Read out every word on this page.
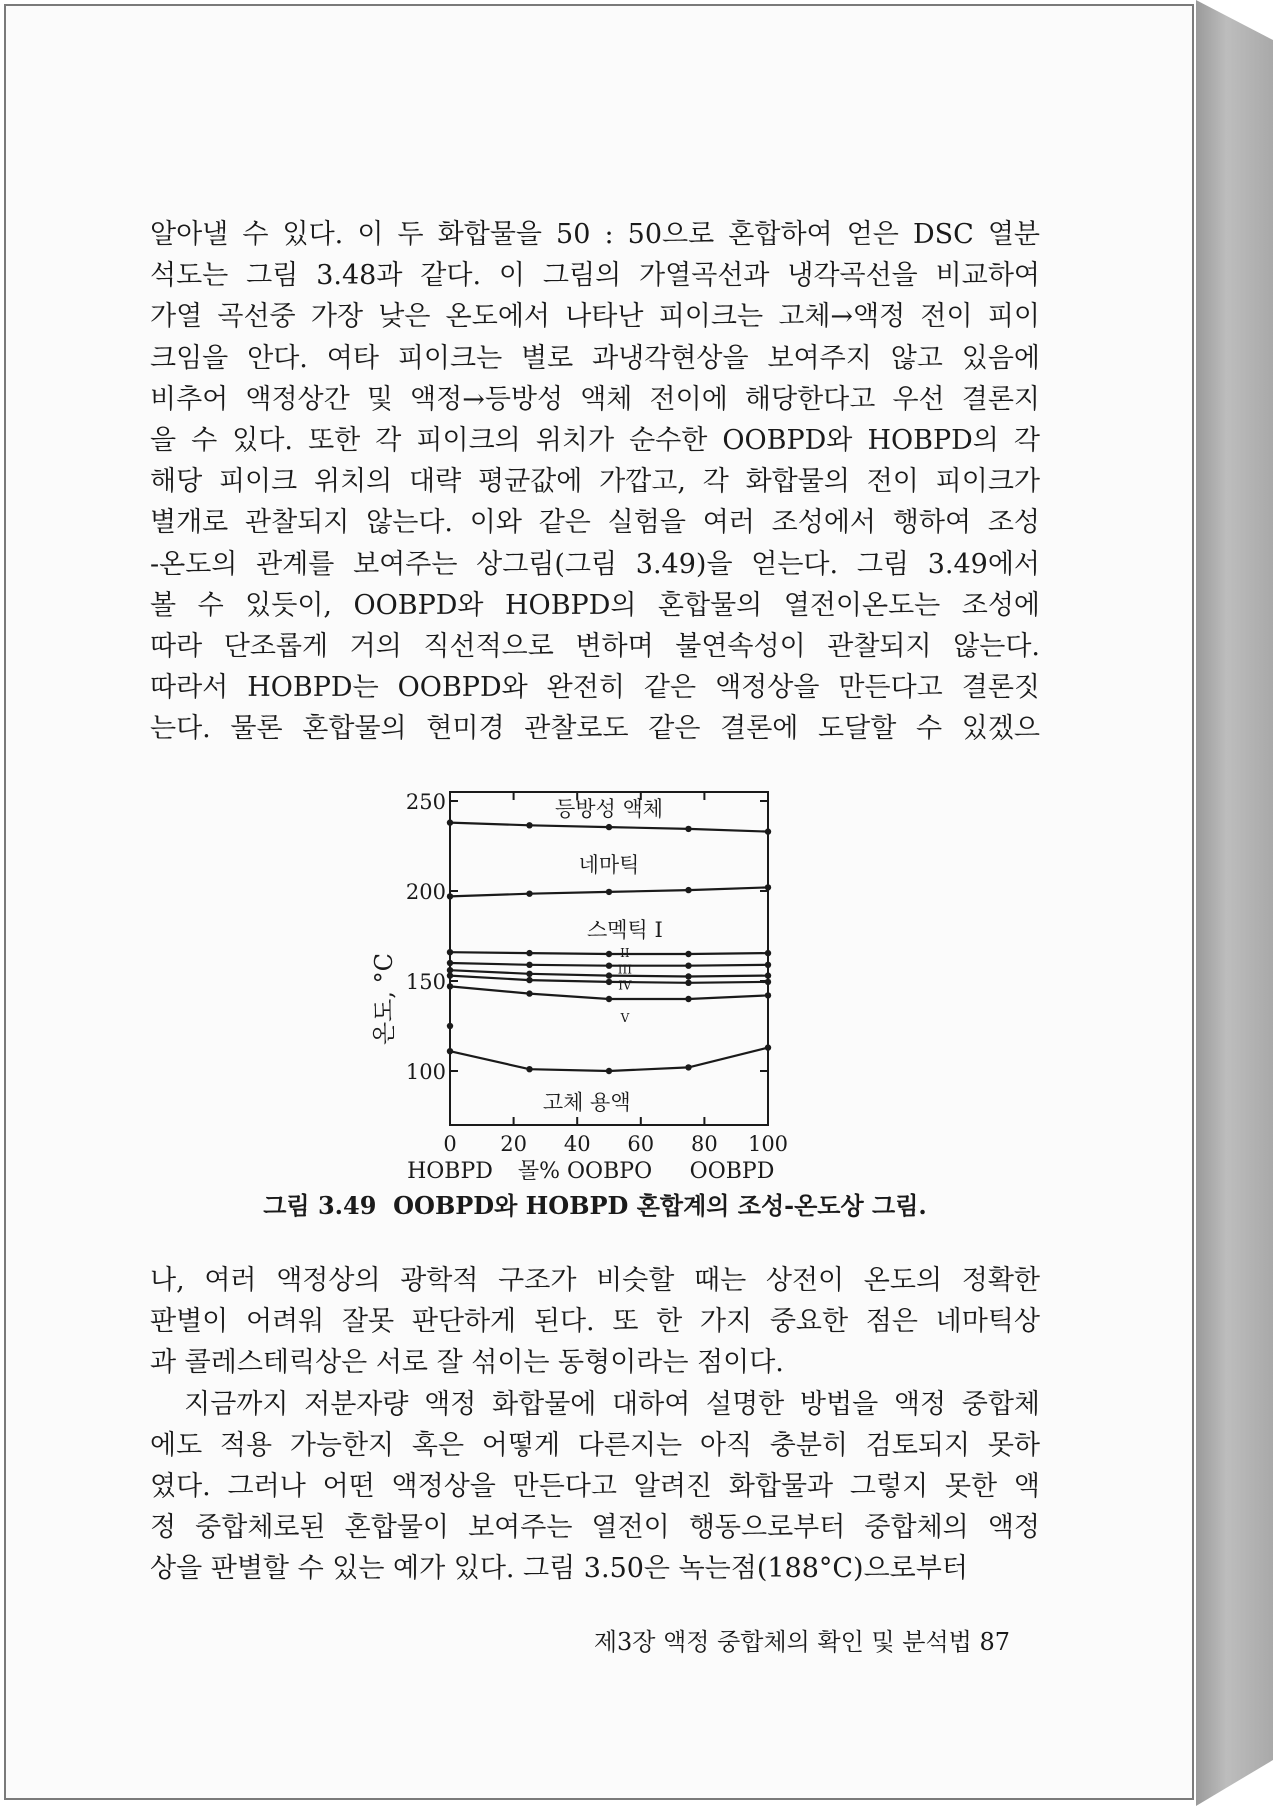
알아낼 수 있다. 이 두 화합물을 50 : 50으로 혼합하여 얻은 DSC 열분
석도는 그림 3.48과 같다. 이 그림의 가열곡선과 냉각곡선을 비교하여
가열 곡선중 가장 낮은 온도에서 나타난 피이크는 고체→액정 전이 피이
크임을 안다. 여타 피이크는 별로 과냉각현상을 보여주지 않고 있음에
비추어 액정상간 및 액정→등방성 액체 전이에 해당한다고 우선 결론지
을 수 있다. 또한 각 피이크의 위치가 순수한 OOBPD와 HOBPD의 각
해당 피이크 위치의 대략 평균값에 가깝고, 각 화합물의 전이 피이크가
별개로 관찰되지 않는다. 이와 같은 실험을 여러 조성에서 행하여 조성
-온도의 관계를 보여주는 상그림(그림 3.49)을 얻는다. 그림 3.49에서
볼 수 있듯이, OOBPD와 HOBPD의 혼합물의 열전이온도는 조성에
따라 단조롭게 거의 직선적으로 변하며 불연속성이 관찰되지 않는다.
따라서 HOBPD는 OOBPD와 완전히 같은 액정상을 만든다고 결론짓
는다. 물론 혼합물의 현미경 관찰로도 같은 결론에 도달할 수 있겠으
100
150
200
250
0 20 40 60 80 100
온도, °C
등방성 액체
네마틱
스멕틱 I
V
고체 용액
II
III
IV
HOBPD 몰% OOBPO OOBPD
그림 3.49 OOBPD와 HOBPD 혼합계의 조성-온도상 그림.
나, 여러 액정상의 광학적 구조가 비슷할 때는 상전이 온도의 정확한
판별이 어려워 잘못 판단하게 된다. 또 한 가지 중요한 점은 네마틱상
과 콜레스테릭상은 서로 잘 섞이는 동형이라는 점이다.
　지금까지 저분자량 액정 화합물에 대하여 설명한 방법을 액정 중합체
에도 적용 가능한지 혹은 어떻게 다른지는 아직 충분히 검토되지 못하
였다. 그러나 어떤 액정상을 만든다고 알려진 화합물과 그렇지 못한 액
정 중합체로된 혼합물이 보여주는 열전이 행동으로부터 중합체의 액정
상을 판별할 수 있는 예가 있다. 그림 3.50은 녹는점(188°C)으로부터
제3장 액정 중합체의 확인 및 분석법 87
